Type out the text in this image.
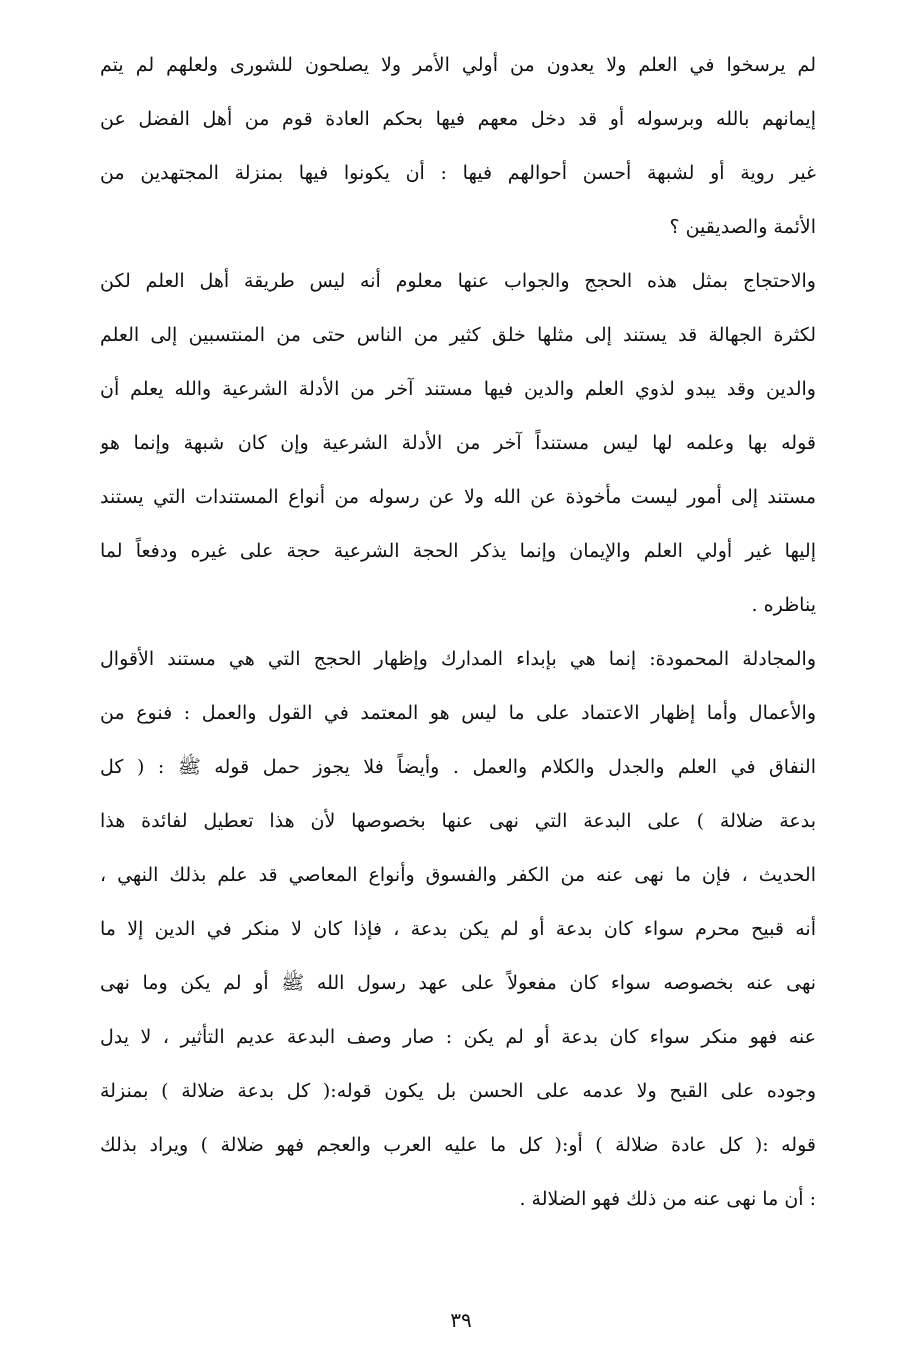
لم يرسخوا في العلم ولا يعدون من أولي الأمر ولا يصلحون للشورى ولعلهم لم يتم
إيمانهم بالله وبرسوله أو قد دخل معهم فيها بحكم العادة قوم من أهل الفضل عن
غير روية أو لشبهة أحسن أحوالهم فيها : أن يكونوا فيها بمنزلة المجتهدين من
الأئمة والصديقين ؟
والاحتجاج بمثل هذه الحجج والجواب عنها معلوم أنه ليس طريقة أهل العلم لكن
لكثرة الجهالة قد يستند إلى مثلها خلق كثير من الناس حتى من المنتسبين إلى العلم
والدين وقد يبدو لذوي العلم والدين فيها مستند آخر من الأدلة الشرعية والله يعلم أن
قوله بها وعلمه لها ليس مستنداً آخر من الأدلة الشرعية وإن كان شبهة وإنما هو
مستند إلى أمور ليست مأخوذة عن الله ولا عن رسوله من أنواع المستندات التي يستند
إليها غير أولي العلم والإيمان وإنما يذكر الحجة الشرعية حجة على غيره ودفعاً لما
يناظره .
والمجادلة المحمودة: إنما هي بإبداء المدارك وإظهار الحجج التي هي مستند الأقوال
والأعمال وأما إظهار الاعتماد على ما ليس هو المعتمد في القول والعمل : فنوع من
النفاق في العلم والجدل والكلام والعمل . وأيضاً فلا يجوز حمل قوله ﷺ : ( كل
بدعة ضلالة ) على البدعة التي نهى عنها بخصوصها لأن هذا تعطيل لفائدة هذا
الحديث ، فإن ما نهى عنه من الكفر والفسوق وأنواع المعاصي قد علم بذلك النهي ،
أنه قبيح محرم سواء كان بدعة أو لم يكن بدعة ، فإذا كان لا منكر في الدين إلا ما
نهى عنه بخصوصه سواء كان مفعولاً على عهد رسول الله ﷺ أو لم يكن وما نهى
عنه فهو منكر سواء كان بدعة أو لم يكن : صار وصف البدعة عديم التأثير ، لا يدل
وجوده على القبح ولا عدمه على الحسن بل يكون قوله:( كل بدعة ضلالة ) بمنزلة
قوله :( كل عادة ضلالة ) أو:( كل ما عليه العرب والعجم فهو ضلالة ) ويراد بذلك
: أن ما نهى عنه من ذلك فهو الضلالة .
٣٩
